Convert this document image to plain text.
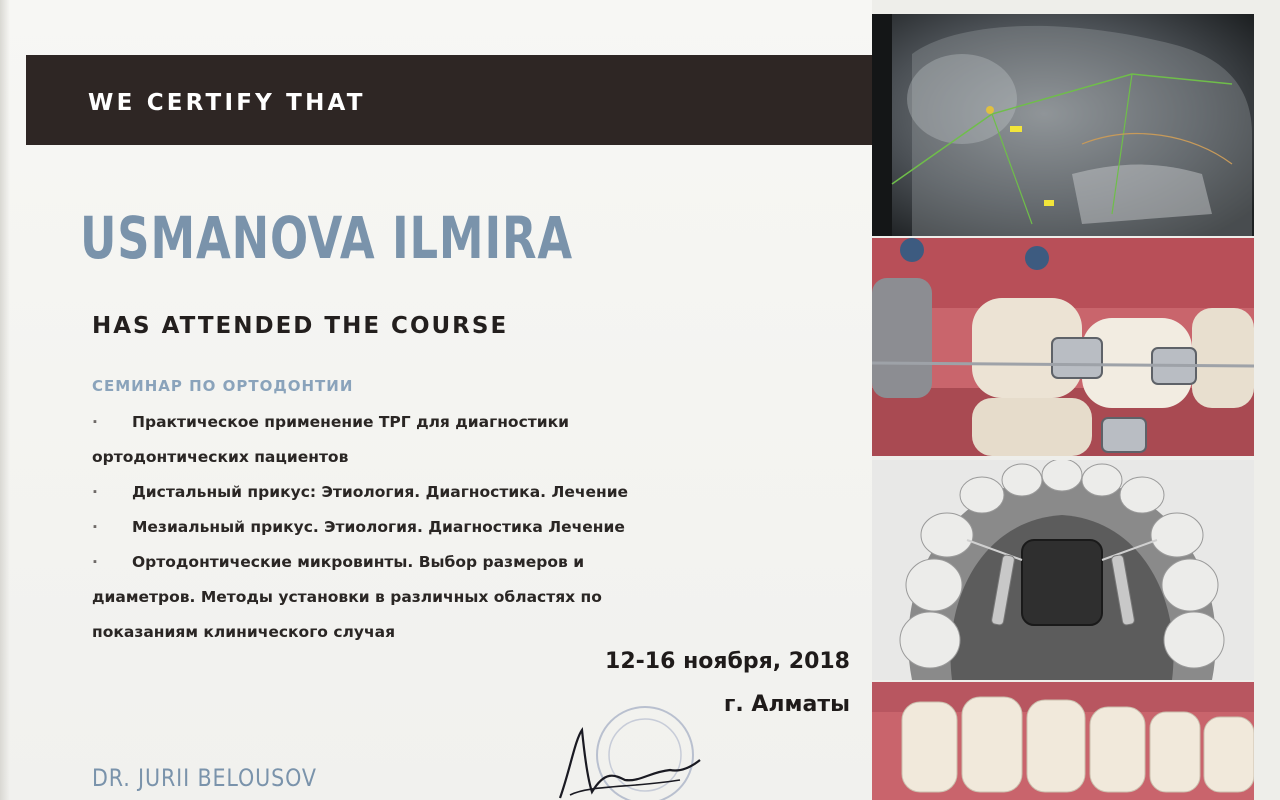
WE CERTIFY THAT
USMANOVA ILMIRA
HAS ATTENDED THE COURSE
СЕМИНАР ПО ОРТОДОНТИИ
· Практическое применение ТРГ для диагностики
ортодонтических пациентов
· Дистальный прикус: Этиология. Диагностика. Лечение
· Мезиальный прикус. Этиология. Диагностика Лечение
· Ортодонтические микровинты. Выбор размеров и
диаметров. Методы установки в различных областях по
показаниям клинического случая
12-16 ноября, 2018
г. Алматы
DR. JURII BELOUSOV
